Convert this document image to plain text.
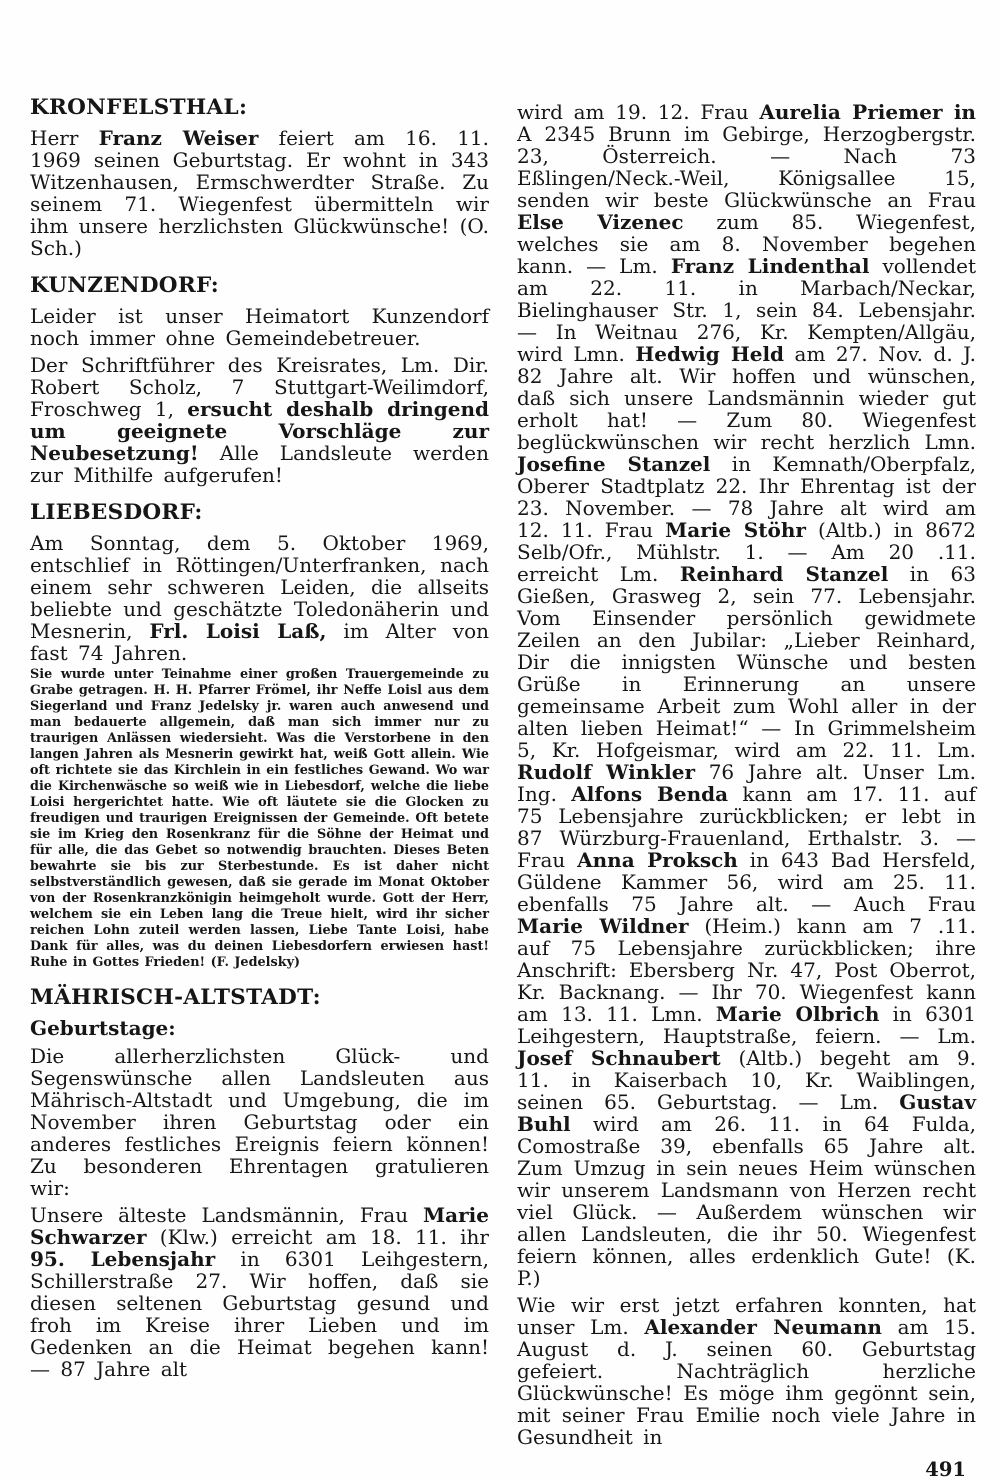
KRONFELSTHAL:

Herr Franz Weiser feiert am 16. 11. 1969 seinen Geburtstag. Er wohnt in 343 Witzenhausen, Ermschwerdter Straße. Zu seinem 71. Wiegenfest übermitteln wir ihm unsere herzlichsten Glückwünsche! (O. Sch.)

KUNZENDORF:

Leider ist unser Heimatort Kunzendorf noch immer ohne Gemeindebetreuer.

Der Schriftführer des Kreisrates, Lm. Dir. Robert Scholz, 7 Stuttgart-Weilimdorf, Froschweg 1, ersucht deshalb dringend um geeignete Vorschläge zur Neubesetzung! Alle Landsleute werden zur Mithilfe aufgerufen!

LIEBESDORF:

Am Sonntag, dem 5. Oktober 1969, entschlief in Röttingen/Unterfranken, nach einem sehr schweren Leiden, die allseits beliebte und geschätzte Toledonäherin und Mesnerin, Frl. Loisi Laß, im Alter von fast 74 Jahren.

Sie wurde unter Teinahme einer großen Trauergemeinde zu Grabe getragen. H. H. Pfarrer Frömel, ihr Neffe Loisl aus dem Siegerland und Franz Jedelsky jr. waren auch anwesend und man bedauerte allgemein, daß man sich immer nur zu traurigen Anlässen wiedersieht. Was die Verstorbene in den langen Jahren als Mesnerin gewirkt hat, weiß Gott allein. Wie oft richtete sie das Kirchlein in ein festliches Gewand. Wo war die Kirchenwäsche so weiß wie in Liebesdorf, welche die liebe Loisi hergerichtet hatte. Wie oft läutete sie die Glocken zu freudigen und traurigen Ereignissen der Gemeinde. Oft betete sie im Krieg den Rosenkranz für die Söhne der Heimat und für alle, die das Gebet so notwendig brauchten. Dieses Beten bewahrte sie bis zur Sterbestunde. Es ist daher nicht selbstverständlich gewesen, daß sie gerade im Monat Oktober von der Rosenkranzkönigin heimgeholt wurde. Gott der Herr, welchem sie ein Leben lang die Treue hielt, wird ihr sicher reichen Lohn zuteil werden lassen, Liebe Tante Loisi, habe Dank für alles, was du deinen Liebesdorfern erwiesen hast! Ruhe in Gottes Frieden! (F. Jedelsky)

MÄHRISCH-ALTSTADT:
Geburtstage:

Die allerherzlichsten Glück- und Segenswünsche allen Landsleuten aus Mährisch-Altstadt und Umgebung, die im November ihren Geburtstag oder ein anderes festliches Ereignis feiern können! Zu besonderen Ehrentagen gratulieren wir:

Unsere älteste Landsmännin, Frau Marie Schwarzer (Klw.) erreicht am 18. 11. ihr 95. Lebensjahr in 6301 Leihgestern, Schillerstraße 27. Wir hoffen, daß sie diesen seltenen Geburtstag gesund und froh im Kreise ihrer Lieben und im Gedenken an die Heimat begehen kann! — 87 Jahre alt

wird am 19. 12. Frau Aurelia Priemer in A 2345 Brunn im Gebirge, Herzogbergstr. 23, Österreich. — Nach 73 Eßlingen/Neck.-Weil, Königsallee 15, senden wir beste Glückwünsche an Frau Else Vizenec zum 85. Wiegenfest, welches sie am 8. November begehen kann. — Lm. Franz Lindenthal vollendet am 22. 11. in Marbach/Neckar, Bielinghauser Str. 1, sein 84. Lebensjahr. — In Weitnau 276, Kr. Kempten/Allgäu, wird Lmn. Hedwig Held am 27. Nov. d. J. 82 Jahre alt. Wir hoffen und wünschen, daß sich unsere Landsmännin wieder gut erholt hat! — Zum 80. Wiegenfest beglückwünschen wir recht herzlich Lmn. Josefine Stanzel in Kemnath/Oberpfalz, Oberer Stadtplatz 22. Ihr Ehrentag ist der 23. November. — 78 Jahre alt wird am 12. 11. Frau Marie Stöhr (Altb.) in 8672 Selb/Ofr., Mühlstr. 1. — Am 20 .11. erreicht Lm. Reinhard Stanzel in 63 Gießen, Grasweg 2, sein 77. Lebensjahr. Vom Einsender persönlich gewidmete Zeilen an den Jubilar: „Lieber Reinhard, Dir die innigsten Wünsche und besten Grüße in Erinnerung an unsere gemeinsame Arbeit zum Wohl aller in der alten lieben Heimat!“ — In Grimmelsheim 5, Kr. Hofgeismar, wird am 22. 11. Lm. Rudolf Winkler 76 Jahre alt. Unser Lm. Ing. Alfons Benda kann am 17. 11. auf 75 Lebensjahre zurückblicken; er lebt in 87 Würzburg-Frauenland, Erthalstr. 3. — Frau Anna Proksch in 643 Bad Hersfeld, Güldene Kammer 56, wird am 25. 11. ebenfalls 75 Jahre alt. — Auch Frau Marie Wildner (Heim.) kann am 7 .11. auf 75 Lebensjahre zurückblicken; ihre Anschrift: Ebersberg Nr. 47, Post Oberrot, Kr. Backnang. — Ihr 70. Wiegenfest kann am 13. 11. Lmn. Marie Olbrich in 6301 Leihgestern, Hauptstraße, feiern. — Lm. Josef Schnaubert (Altb.) begeht am 9. 11. in Kaiserbach 10, Kr. Waiblingen, seinen 65. Geburtstag. — Lm. Gustav Buhl wird am 26. 11. in 64 Fulda, Comostraße 39, ebenfalls 65 Jahre alt. Zum Umzug in sein neues Heim wünschen wir unserem Landsmann von Herzen recht viel Glück. — Außerdem wünschen wir allen Landsleuten, die ihr 50. Wiegenfest feiern können, alles erdenklich Gute! (K. P.)

Wie wir erst jetzt erfahren konnten, hat unser Lm. Alexander Neumann am 15. August d. J. seinen 60. Geburtstag gefeiert. Nachträglich herzliche Glückwünsche! Es möge ihm gegönnt sein, mit seiner Frau Emilie noch viele Jahre in Gesundheit in

491
